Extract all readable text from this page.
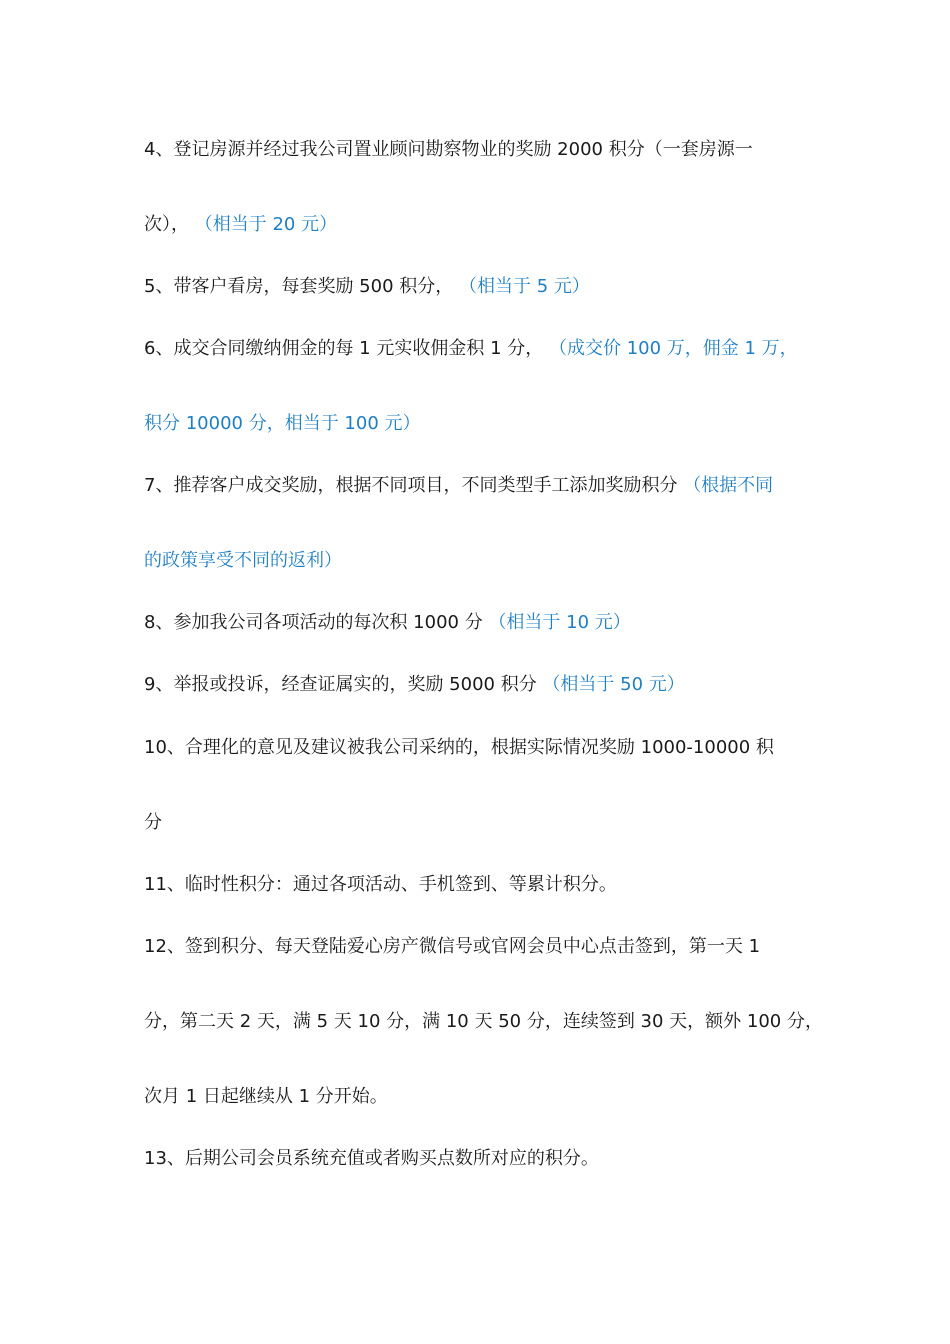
4、登记房源并经过我公司置业顾问勘察物业的奖励 2000 积分（一套房源一
次）， （相当于 20 元）
5、带客户看房，每套奖励 500 积分， （相当于 5 元）
6、成交合同缴纳佣金的每 1 元实收佣金积 1 分， （成交价 100 万，佣金 1 万，
积分 10000 分，相当于 100 元）
7、推荐客户成交奖励，根据不同项目，不同类型手工添加奖励积分 （根据不同
的政策享受不同的返利）
8、参加我公司各项活动的每次积 1000 分 （相当于 10 元）
9、举报或投诉，经查证属实的，奖励 5000 积分 （相当于 50 元）
10、合理化的意见及建议被我公司采纳的，根据实际情况奖励 1000-10000 积
分
11、临时性积分：通过各项活动、手机签到、等累计积分。
12、签到积分、每天登陆爱心房产微信号或官网会员中心点击签到，第一天 1
分，第二天 2 天，满 5 天 10 分，满 10 天 50 分，连续签到 30 天，额外 100 分，
次月 1 日起继续从 1 分开始。
13、后期公司会员系统充值或者购买点数所对应的积分。
